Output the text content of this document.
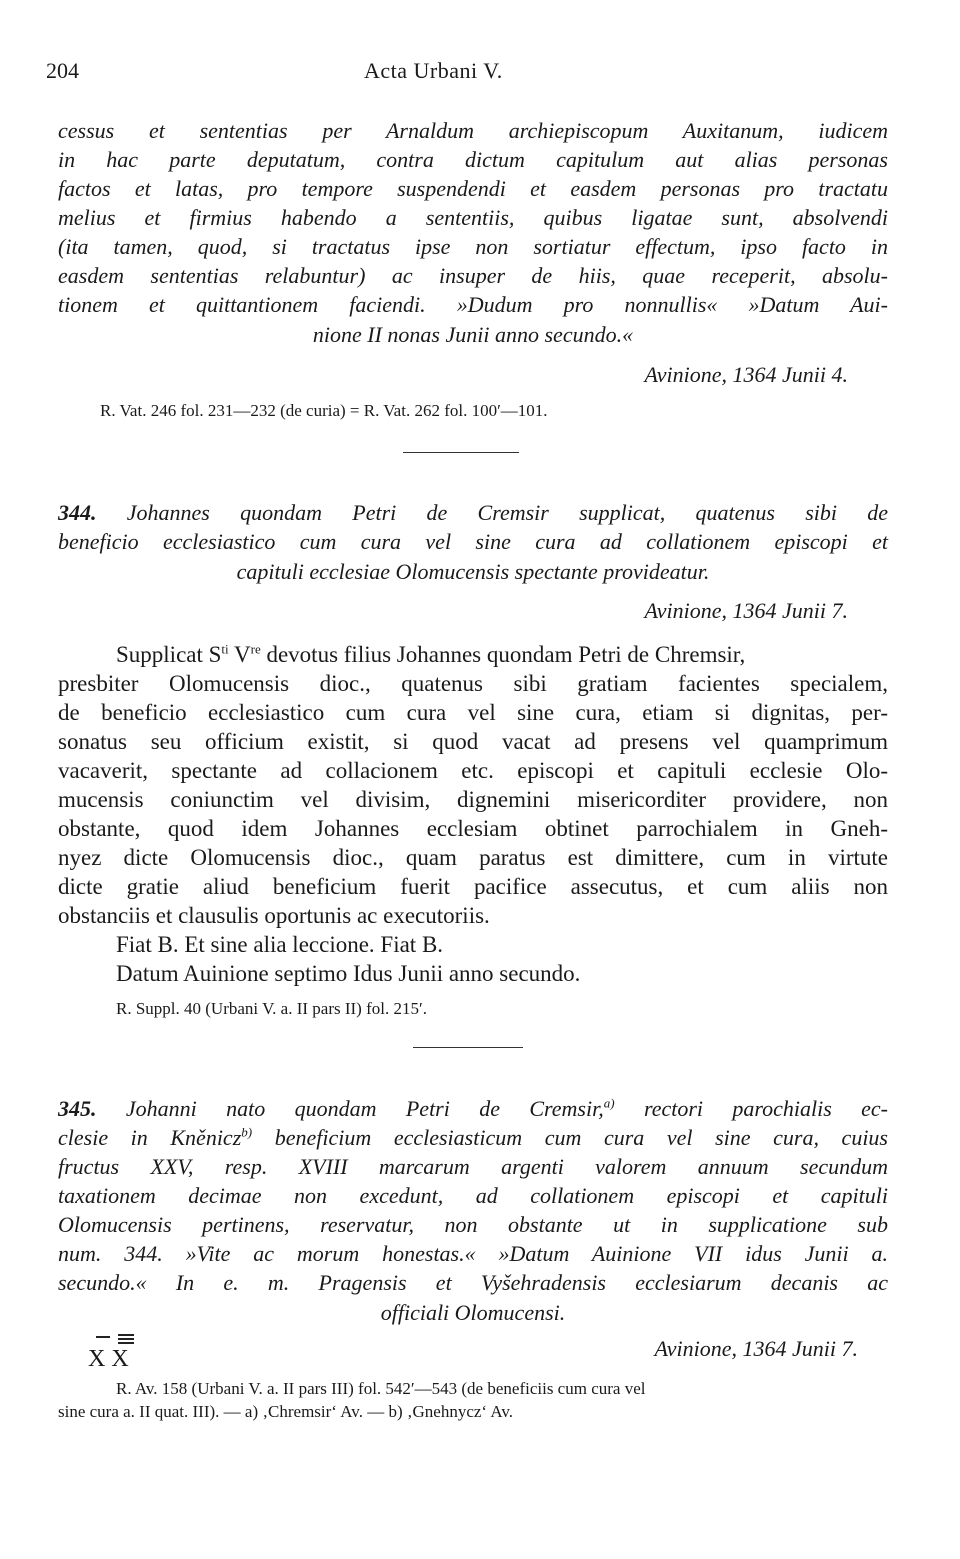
204	Acta Urbani V.
cessus et sententias per Arnaldum archiepiscopum Auxitanum, iudicem
in hac parte deputatum, contra dictum capitulum aut alias personas
factos et latas, pro tempore suspendendi et easdem personas pro tractatu
melius et firmius habendo a sententiis, quibus ligatae sunt, absolvendi
(ita tamen, quod, si tractatus ipse non sortiatur effectum, ipso facto in
easdem sententias relabuntur) ac insuper de hiis, quae receperit, absolu-
tionem et quittantionem faciendi. »Dudum pro nonnullis« »Datum Aui-
nione II nonas Junii anno secundo.«
Avinione, 1364 Junii 4.
R. Vat. 246 fol. 231—232 (de curia) = R. Vat. 262 fol. 100′—101.
344. Johannes quondam Petri de Cremsir supplicat, quatenus sibi de
beneficio ecclesiastico cum cura vel sine cura ad collationem episcopi et
capituli ecclesiae Olomucensis spectante provideatur.
Avinione, 1364 Junii 7.
Supplicat $S^{ti}$ Vre devotus filius Johannes quondam Petri de Chremsir,
presbiter Olomucensis dioc., quatenus sibi gratiam facientes specialem,
de beneficio ecclesiastico cum cura vel sine cura, etiam si dignitas, per-
sonatus seu officium existit, si quod vacat ad presens vel quamprimum
vacaverit, spectante ad collacionem etc. episcopi et capituli ecclesie Olo-
mucensis coniunctim vel divisim, dignemini misericorditer providere, non
obstante, quod idem Johannes ecclesiam obtinet parrochialem in Gneh-
nyez dicte Olomucensis dioc., quam paratus est dimittere, cum in virtute
dicte gratie aliud beneficium fuerit pacifice assecutus, et cum aliis non
obstanciis et clausulis oportunis ac executoriis.
Fiat B. Et sine alia leccione. Fiat B.
Datum Auinione septimo Idus Junii anno secundo.
R. Suppl. 40 (Urbani V. a. II pars II) fol. 215′.
345. Johanni nato quondam Petri de Cremsir,$^{a)}$ rectori parochialis ec-
clesie in Kněnicz$^{b)}$ beneficium ecclesiasticum cum cura vel sine cura, cuius
fructus XXV, resp. XVIII marcarum argenti valorem annuum secundum
taxationem decimae non excedunt, ad collationem episcopi et capituli
Olomucensis pertinens, reservatur, non obstante ut in supplicatione sub
num. 344. »Vite ac morum honestas.« »Datum Auinione VII idus Junii a.
secundo.« In e. m. Pragensis et Vyšehradensis ecclesiarum decanis ac
officiali Olomucensi.
X X	Avinione, 1364 Junii 7.
R. Av. 158 (Urbani V. a. II pars III) fol. 542′—543 (de beneficiis cum cura vel
sine cura a. II quat. III). — a) ‚Chremsir‘ Av. — b) ‚Gnehnycz‘ Av.
